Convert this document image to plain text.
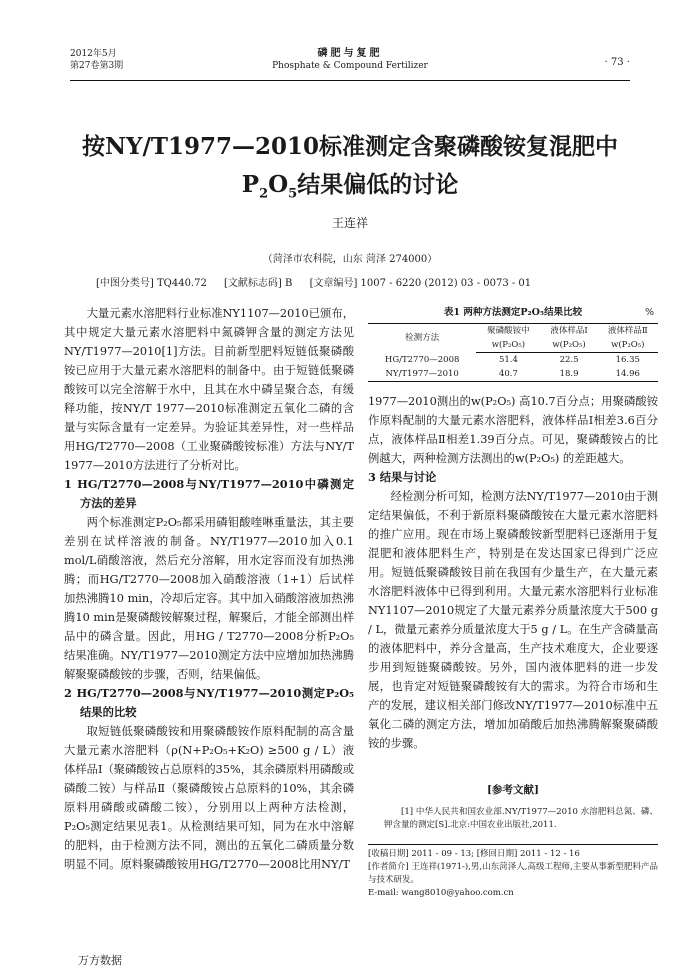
2012年5月
第27卷第3期
磷肥与复肥
Phosphate & Compound Fertilizer	· 73 ·
按NY/T1977—2010标准测定含聚磷酸铵复混肥中
$P_2O_5$结果偏低的讨论
王连祥
（菏泽市农科院，山东 菏泽 274000）
[中图分类号] TQ440.72 [文献标志码] B [文章编号] 1007 - 6220 (2012) 03 - 0073 - 01

大量元素水溶肥料行业标准NY1107—2010已颁布，其中规定大量元素水溶肥料中氮磷钾含量的测定方法见NY/T1977—2010[1]方法。目前新型肥料短链低聚磷酸铵已应用于大量元素水溶肥料的制备中。由于短链低聚磷酸铵可以完全溶解于水中，且其在水中磷呈聚合态，有缓释功能，按NY/T 1977—2010标准测定五氧化二磷的含量与实际含量有一定差异。为验证其差异性，对一些样品用HG/T2770—2008（工业聚磷酸铵标准）方法与NY/T 1977—2010方法进行了分析对比。

1 HG/T2770—2008与NY/T1977—2010中磷测定方法的差异

两个标准测定P₂O₅都采用磷钼酸喹啉重量法，其主要差别在试样溶液的制备。NY/T1977—2010加入0.1 mol/L硝酸溶液，然后充分溶解，用水定容而没有加热沸腾；而HG/T2770—2008加入硝酸溶液（1+1）后试样加热沸腾10 min，冷却后定容。其中加入硝酸溶液加热沸腾10 min是聚磷酸铵解聚过程，解聚后，才能全部测出样品中的磷含量。因此，用HG / T2770—2008分析P₂O₅结果准确。NY/T1977—2010测定方法中应增加加热沸腾解聚聚磷酸铵的步骤，否则，结果偏低。

2 HG/T2770—2008与NY/T1977—2010测定P₂O₅结果的比较

取短链低聚磷酸铵和用聚磷酸铵作原料配制的高含量大量元素水溶肥料（ρ(N+P₂O₅+K₂O) ≥500 g / L）液体样品Ⅰ（聚磷酸铵占总原料的35%，其余磷原料用磷酸或磷酸二铵）与样品Ⅱ（聚磷酸铵占总原料的10%，其余磷原料用磷酸或磷酸二铵），分别用以上两种方法检测，P₂O₅测定结果见表1。从检测结果可知，同为在水中溶解的肥料，由于检测方法不同，测出的五氧化二磷质量分数明显不同。原料聚磷酸铵用HG/T2770—2008比用NY/T

表1 两种方法测定P₂O₅结果比较	%
检测方法	聚磷酸铵中	液体样品Ⅰ	液体样品Ⅱ
	w(P₂O₅)	w(P₂O₅)	w(P₂O₅)
HG/T2770—2008	51.4	22.5	16.35
NY/T1977—2010	40.7	18.9	14.96

1977—2010测出的w(P₂O₅) 高10.7百分点；用聚磷酸铵作原料配制的大量元素水溶肥料，液体样品Ⅰ相差3.6百分点，液体样品Ⅱ相差1.39百分点。可见，聚磷酸铵占的比例越大，两种检测方法测出的w(P₂O₅) 的差距越大。

3 结果与讨论

经检测分析可知，检测方法NY/T1977—2010由于测定结果偏低，不利于新原料聚磷酸铵在大量元素水溶肥料的推广应用。现在市场上聚磷酸铵新型肥料已逐渐用于复混肥和液体肥料生产，特别是在发达国家已得到广泛应用。短链低聚磷酸铵目前在我国有少量生产，在大量元素水溶肥料液体中已得到利用。大量元素水溶肥料行业标准NY1107—2010规定了大量元素养分质量浓度大于500 g / L，微量元素养分质量浓度大于5 g / L。在生产含磷量高的液体肥料中，养分含量高，生产技术难度大，企业要逐步用到短链聚磷酸铵。另外，国内液体肥料的进一步发展，也肯定对短链聚磷酸铵有大的需求。为符合市场和生产的发展，建议相关部门修改NY/T1977—2010标准中五氧化二磷的测定方法，增加加硝酸后加热沸腾解聚聚磷酸铵的步骤。

[参考文献]

[1] 中华人民共和国农业部.NY/T1977—2010 水溶肥料总氮、磷、钾含量的测定[S].北京:中国农业出版社,2011.

[收稿日期] 2011 - 09 - 13; [修回日期] 2011 - 12 - 16

[作者简介] 王连祥(1971-),男,山东菏泽人,高级工程师,主要从事新型肥料产品与技术研发。

E-mail: wang8010@yahoo.com.cn

万方数据
